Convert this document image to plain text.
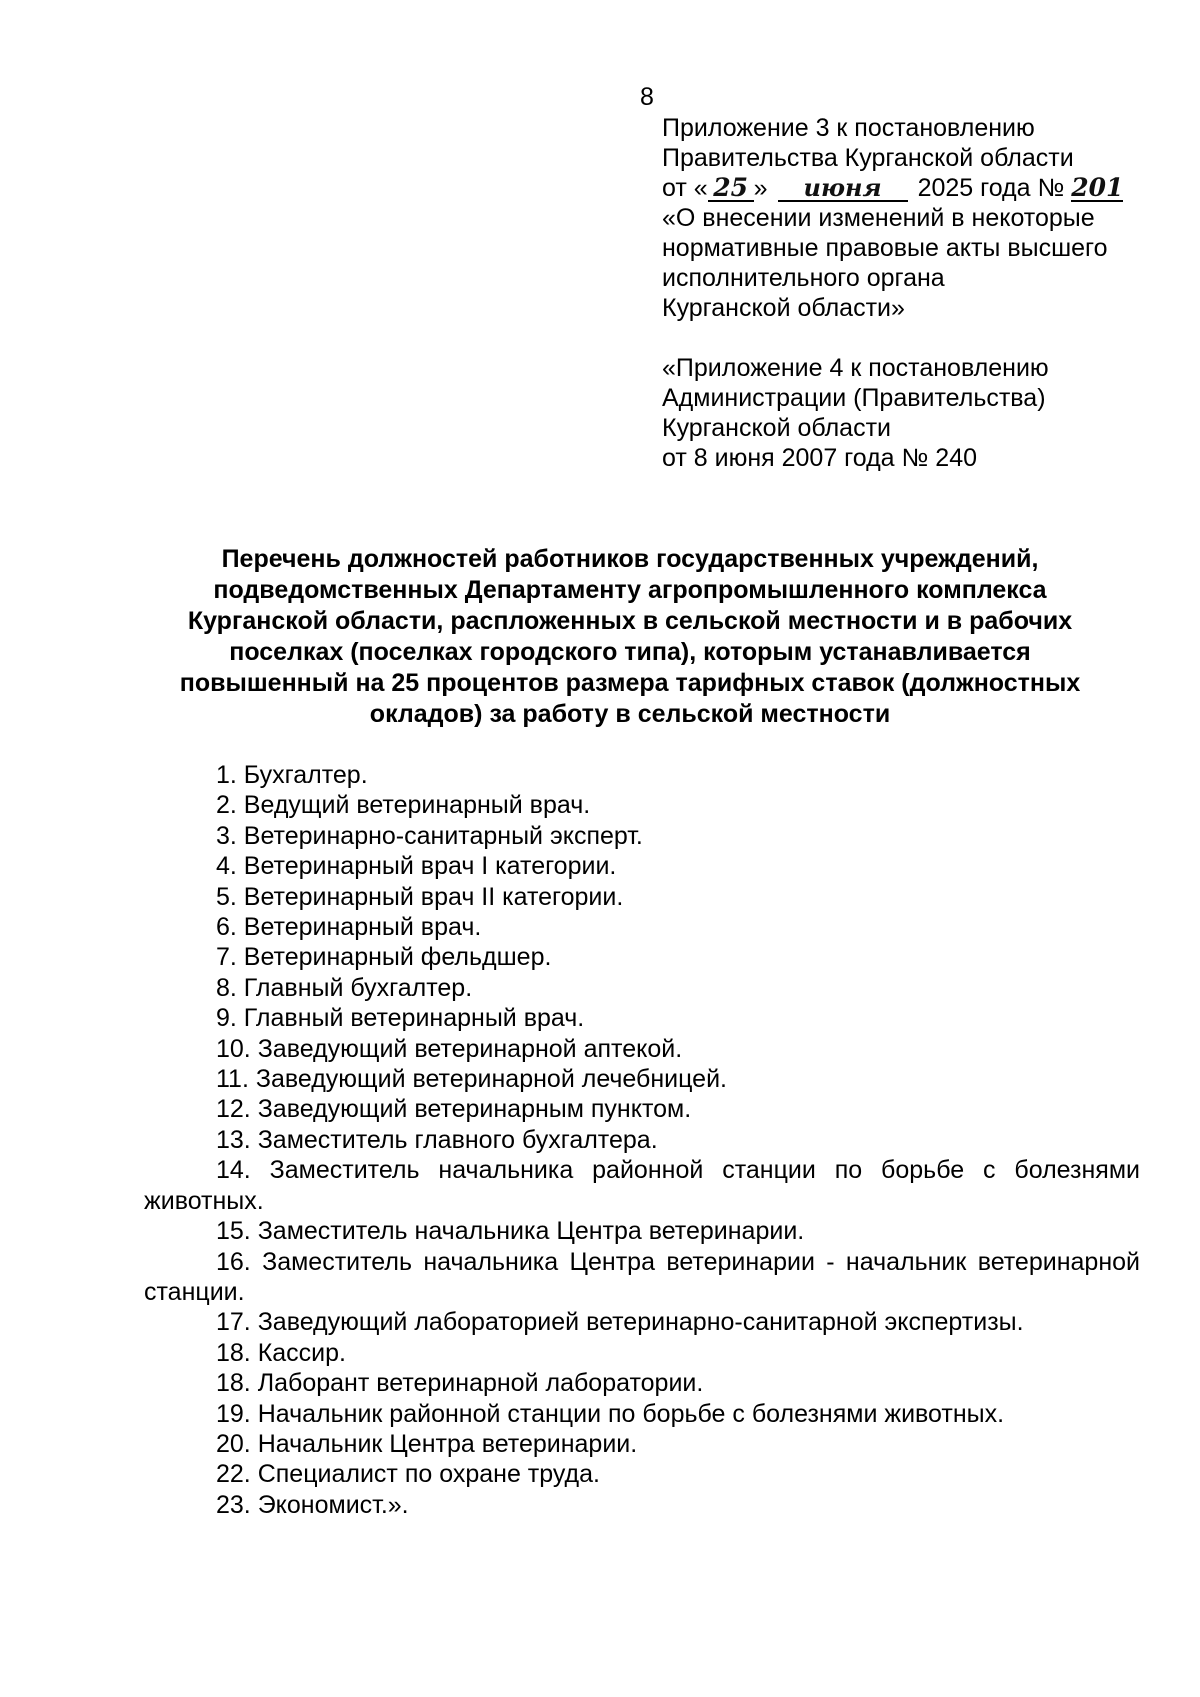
8
Приложение 3 к постановлению
Правительства Курганской области
от « 25 » июня 2025 года № 201
«О внесении изменений в некоторые
нормативные правовые акты высшего
исполнительного органа
Курганской области»
«Приложение 4 к постановлению
Администрации (Правительства)
Курганской области
от 8 июня 2007 года № 240
Перечень должностей работников государственных учреждений,
подведомственных Департаменту агропромышленного комплекса
Курганской области, распложенных в сельской местности и в рабочих
поселках (поселках городского типа), которым устанавливается
повышенный на 25 процентов размера тарифных ставок (должностных
окладов) за работу в сельской местности
1. Бухгалтер.
2. Ведущий ветеринарный врач.
3. Ветеринарно-санитарный эксперт.
4. Ветеринарный врач I категории.
5. Ветеринарный врач II категории.
6. Ветеринарный врач.
7. Ветеринарный фельдшер.
8. Главный бухгалтер.
9. Главный ветеринарный врач.
10. Заведующий ветеринарной аптекой.
11. Заведующий ветеринарной лечебницей.
12. Заведующий ветеринарным пунктом.
13. Заместитель главного бухгалтера.
14. Заместитель начальника районной станции по борьбе с болезнями животных.
15. Заместитель начальника Центра ветеринарии.
16. Заместитель начальника Центра ветеринарии - начальник ветеринарной станции.
17. Заведующий лабораторией ветеринарно-санитарной экспертизы.
18. Кассир.
18. Лаборант ветеринарной лаборатории.
19. Начальник районной станции по борьбе с болезнями животных.
20. Начальник Центра ветеринарии.
22. Специалист по охране труда.
23. Экономист.».
